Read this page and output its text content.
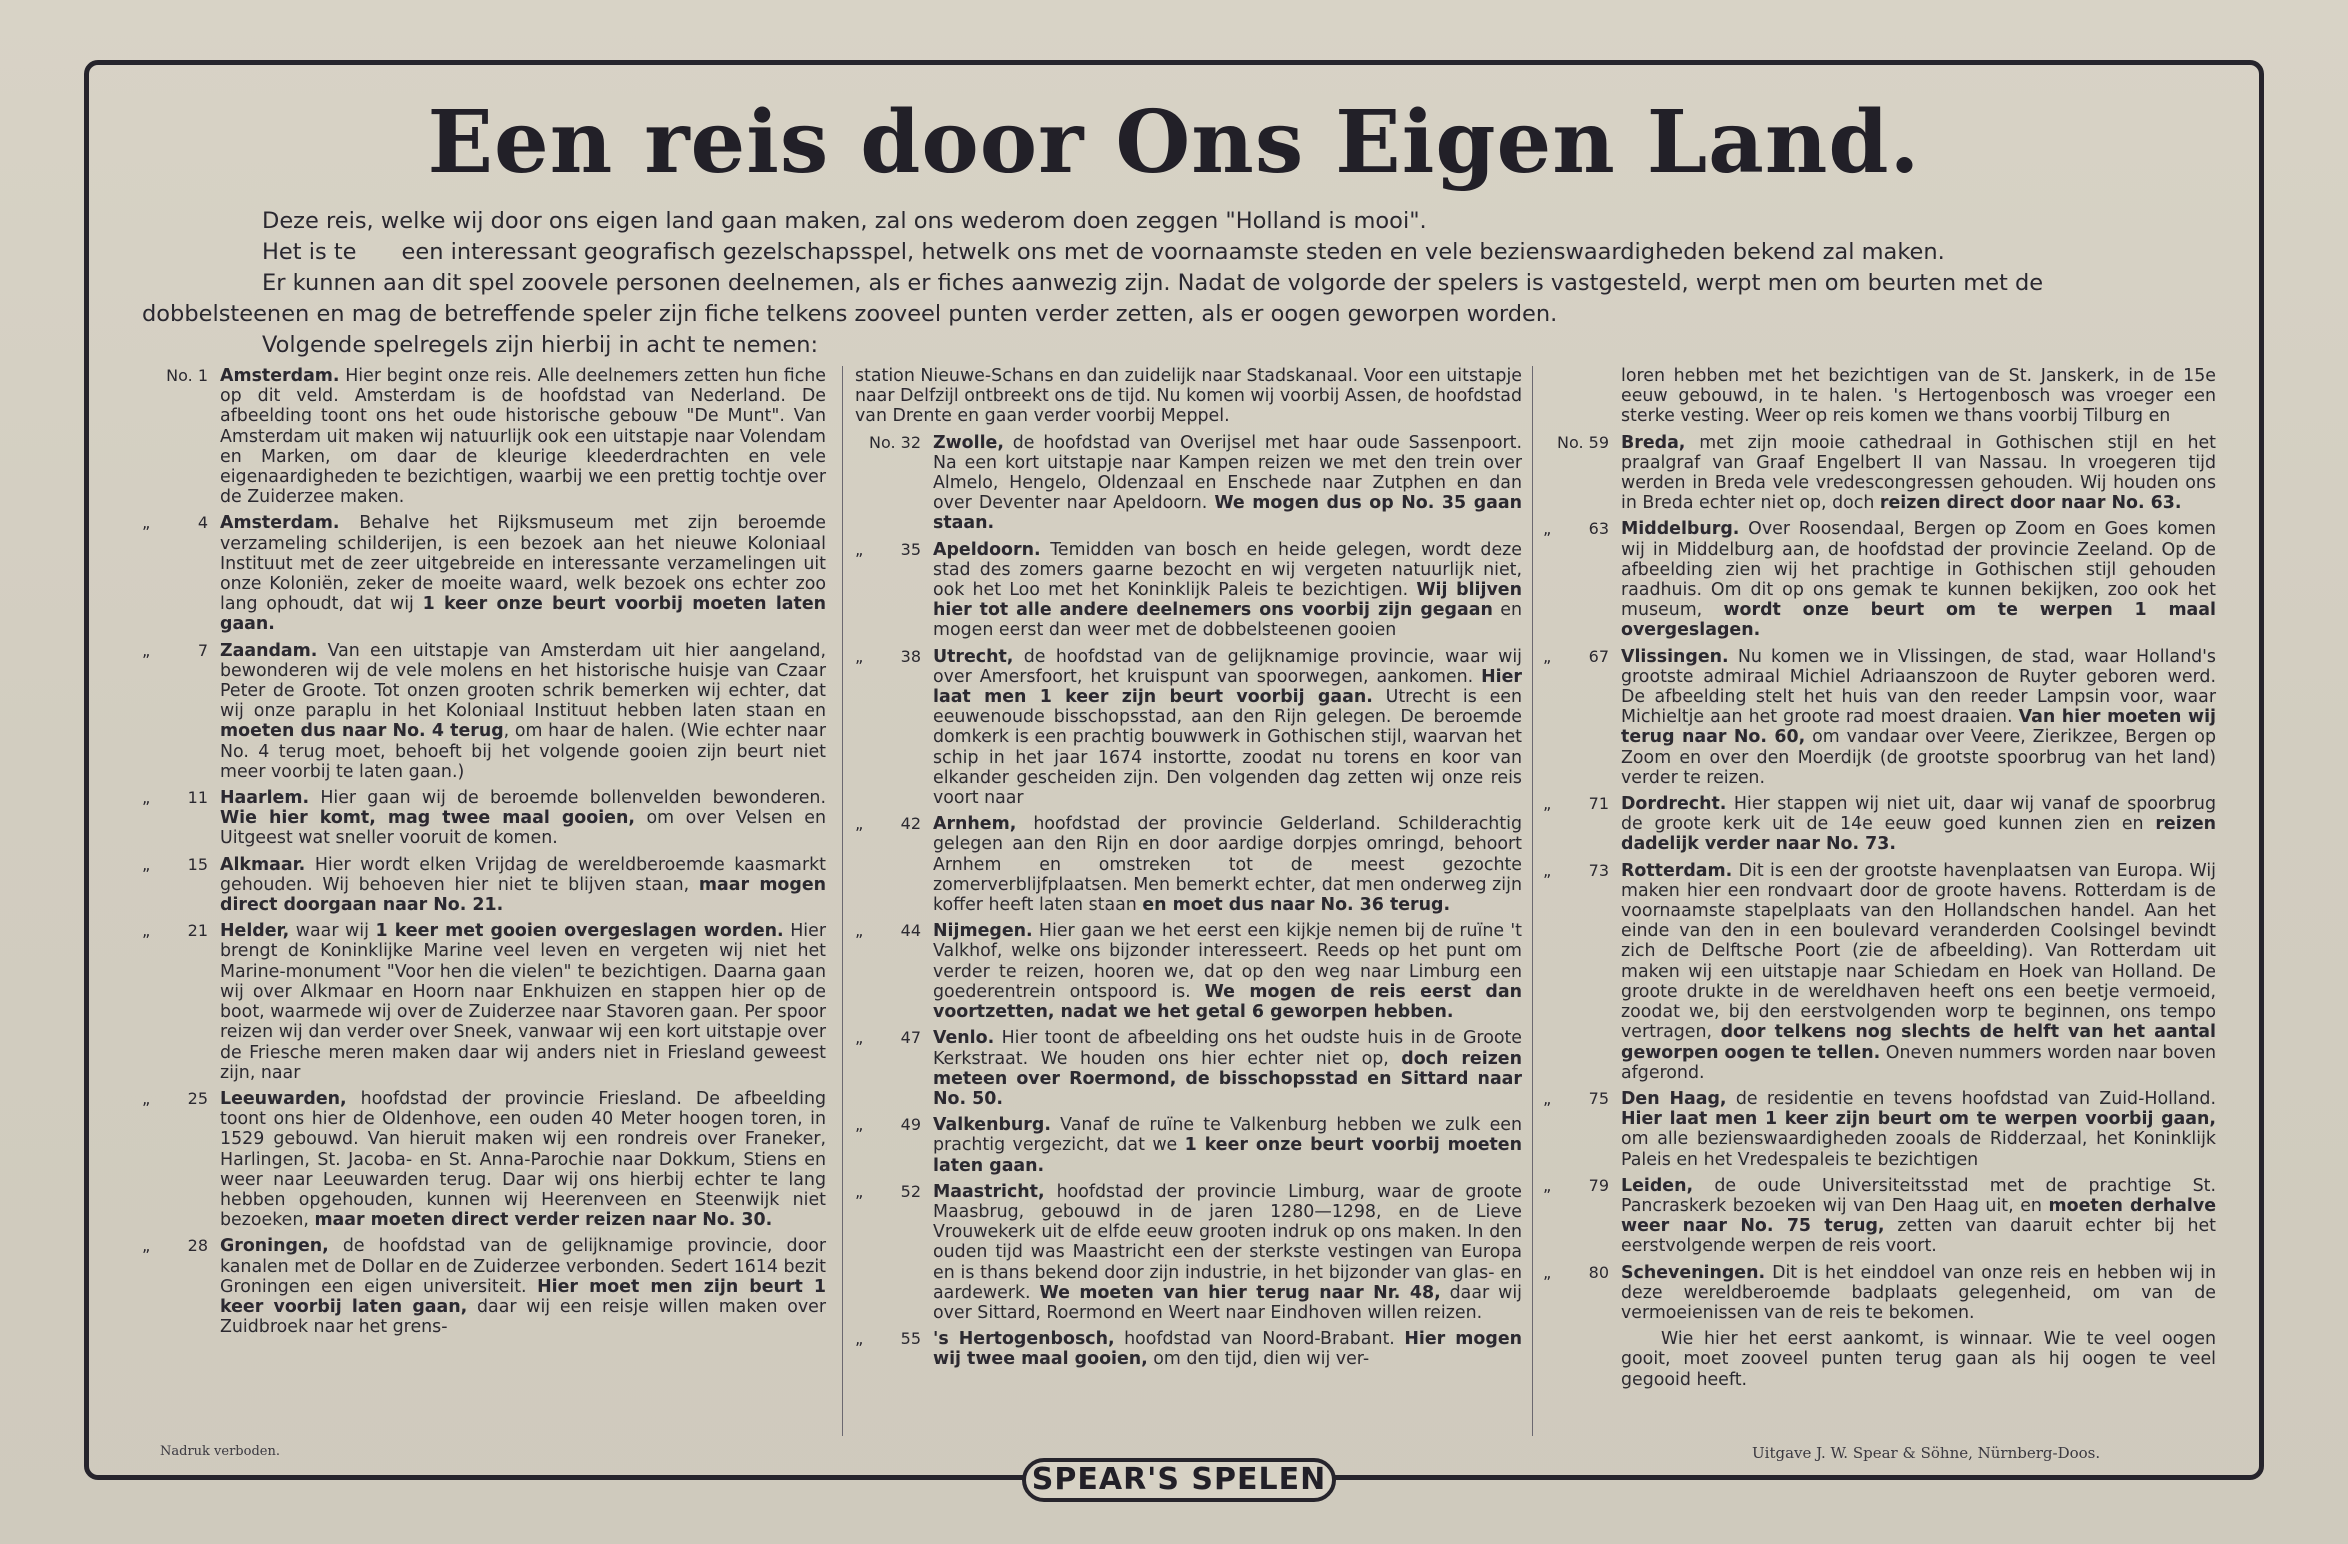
Een reis door Ons Eigen Land.

Deze reis, welke wij door ons eigen land gaan maken, zal ons wederom doen zeggen "Holland is mooi".

Het is te    een interessant geografisch gezelschapsspel, hetwelk ons met de voornaamste steden en vele bezienswaardigheden bekend zal maken.

Er kunnen aan dit spel zoovele personen deelnemen, als er fiches aanwezig zijn. Nadat de volgorde der spelers is vastgesteld, werpt men om beurten met de

dobbelsteenen en mag de betreffende speler zijn fiche telkens zooveel punten verder zetten, als er oogen geworpen worden.

Volgende spelregels zijn hierbij in acht te nemen:

No. 1 Amsterdam. Hier begint onze reis. Alle deelnemers zetten hun fiche op dit veld. Amsterdam is de hoofdstad van Nederland. De afbeelding toont ons het oude historische gebouw "De Munt". Van Amsterdam uit maken wij natuurlijk ook een uitstapje naar Volendam en Marken, om daar de kleurige kleederdrachten en vele eigenaardigheden te bezichtigen, waarbij we een prettig tochtje over de Zuiderzee maken.
„	4 Amsterdam. Behalve het Rijksmuseum met zijn beroemde verzameling schilderijen, is een bezoek aan het nieuwe Koloniaal Instituut met de zeer uitgebreide en interessante verzamelingen uit onze Koloniën, zeker de moeite waard, welk bezoek ons echter zoo lang ophoudt, dat wij 1 keer onze beurt voorbij moeten laten gaan.
„	7 Zaandam. Van een uitstapje van Amsterdam uit hier aangeland, bewonderen wij de vele molens en het historische huisje van Czaar Peter de Groote. Tot onzen grooten schrik bemerken wij echter, dat wij onze paraplu in het Koloniaal Instituut hebben laten staan en moeten dus naar No. 4 terug, om haar de halen. (Wie echter naar No. 4 terug moet, behoeft bij het volgende gooien zijn beurt niet meer voorbij te laten gaan.)
„ 11 Haarlem. Hier gaan wij de beroemde bollenvelden bewonderen. Wie hier komt, mag twee maal gooien, om over Velsen en Uitgeest wat sneller vooruit de komen.
„ 15 Alkmaar. Hier wordt elken Vrijdag de wereldberoemde kaasmarkt gehouden. Wij behoeven hier niet te blijven staan, maar mogen direct doorgaan naar No. 21.
„ 21 Helder, waar wij 1 keer met gooien overgeslagen worden. Hier brengt de Koninklijke Marine veel leven en vergeten wij niet het Marine-monument "Voor hen die vielen" te bezichtigen. Daarna gaan wij over Alkmaar en Hoorn naar Enkhuizen en stappen hier op de boot, waarmede wij over de Zuiderzee naar Stavoren gaan. Per spoor reizen wij dan verder over Sneek, vanwaar wij een kort uitstapje over de Friesche meren maken daar wij anders niet in Friesland geweest zijn, naar
„ 25 Leeuwarden, hoofdstad der provincie Friesland. De afbeelding toont ons hier de Oldenhove, een ouden 40 Meter hoogen toren, in 1529 gebouwd. Van hieruit maken wij een rondreis over Franeker, Harlingen, St. Jacoba- en St. Anna-Parochie naar Dokkum, Stiens en weer naar Leeuwarden terug. Daar wij ons hierbij echter te lang hebben opgehouden, kunnen wij Heerenveen en Steenwijk niet bezoeken, maar moeten direct verder reizen naar No. 30.
„ 28 Groningen, de hoofdstad van de gelijknamige provincie, door kanalen met de Dollar en de Zuiderzee verbonden. Sedert 1614 bezit Groningen een eigen universiteit. Hier moet men zijn beurt 1 keer voorbij laten gaan, daar wij een reisje willen maken over Zuidbroek naar het grens-
station Nieuwe-Schans en dan zuidelijk naar Stadskanaal. Voor een uitstapje naar Delfzijl ontbreekt ons de tijd. Nu komen wij voorbij Assen, de hoofdstad van Drente en gaan verder voorbij Meppel.
No. 32 Zwolle, de hoofdstad van Overijsel met haar oude Sassenpoort. Na een kort uitstapje naar Kampen reizen we met den trein over Almelo, Hengelo, Oldenzaal en Enschede naar Zutphen en dan over Deventer naar Apeldoorn. We mogen dus op No. 35 gaan staan.
„ 35 Apeldoorn. Temidden van bosch en heide gelegen, wordt deze stad des zomers gaarne bezocht en wij vergeten natuurlijk niet, ook het Loo met het Koninklijk Paleis te bezichtigen. Wij blijven hier tot alle andere deelnemers ons voorbij zijn gegaan en mogen eerst dan weer met de dobbelsteenen gooien
„ 38 Utrecht, de hoofdstad van de gelijknamige provincie, waar wij over Amersfoort, het kruispunt van spoorwegen, aankomen. Hier laat men 1 keer zijn beurt voorbij gaan. Utrecht is een eeuwenoude bisschopsstad, aan den Rijn gelegen. De beroemde domkerk is een prachtig bouwwerk in Gothischen stijl, waarvan het schip in het jaar 1674 instortte, zoodat nu torens en koor van elkander gescheiden zijn. Den volgenden dag zetten wij onze reis voort naar
„ 42 Arnhem, hoofdstad der provincie Gelderland. Schilderachtig gelegen aan den Rijn en door aardige dorpjes omringd, behoort Arnhem en omstreken tot de meest gezochte zomerverblijfplaatsen. Men bemerkt echter, dat men onderweg zijn koffer heeft laten staan en moet dus naar No. 36 terug.
„ 44 Nijmegen. Hier gaan we het eerst een kijkje nemen bij de ruïne 't Valkhof, welke ons bijzonder interesseert. Reeds op het punt om verder te reizen, hooren we, dat op den weg naar Limburg een goederentrein ontspoord is. We mogen de reis eerst dan voortzetten, nadat we het getal 6 geworpen hebben.
„ 47 Venlo. Hier toont de afbeelding ons het oudste huis in de Groote Kerkstraat. We houden ons hier echter niet op, doch reizen meteen over Roermond, de bisschopsstad en Sittard naar No. 50.
„ 49 Valkenburg. Vanaf de ruïne te Valkenburg hebben we zulk een prachtig vergezicht, dat we 1 keer onze beurt voorbij moeten laten gaan.
„ 52 Maastricht, hoofdstad der provincie Limburg, waar de groote Maasbrug, gebouwd in de jaren 1280—1298, en de Lieve Vrouwekerk uit de elfde eeuw grooten indruk op ons maken. In den ouden tijd was Maastricht een der sterkste vestingen van Europa en is thans bekend door zijn industrie, in het bijzonder van glas- en aardewerk. We moeten van hier terug naar Nr. 48, daar wij over Sittard, Roermond en Weert naar Eindhoven willen reizen.
„ 55 's Hertogenbosch, hoofdstad van Noord-Brabant. Hier mogen wij twee maal gooien, om den tijd, dien wij ver-
loren hebben met het bezichtigen van de St. Janskerk, in de 15e eeuw gebouwd, in te halen. 's Hertogenbosch was vroeger een sterke vesting. Weer op reis komen we thans voorbij Tilburg en
No. 59 Breda, met zijn mooie cathedraal in Gothischen stijl en het praalgraf van Graaf Engelbert II van Nassau. In vroegeren tijd werden in Breda vele vredescongressen gehouden. Wij houden ons in Breda echter niet op, doch reizen direct door naar No. 63.
„ 63 Middelburg. Over Roosendaal, Bergen op Zoom en Goes komen wij in Middelburg aan, de hoofdstad der provincie Zeeland. Op de afbeelding zien wij het prachtige in Gothischen stijl gehouden raadhuis. Om dit op ons gemak te kunnen bekijken, zoo ook het museum, wordt onze beurt om te werpen 1 maal overgeslagen.
„ 67 Vlissingen. Nu komen we in Vlissingen, de stad, waar Holland's grootste admiraal Michiel Adriaanszoon de Ruyter geboren werd. De afbeelding stelt het huis van den reeder Lampsin voor, waar Michieltje aan het groote rad moest draaien. Van hier moeten wij terug naar No. 60, om vandaar over Veere, Zierikzee, Bergen op Zoom en over den Moerdijk (de grootste spoorbrug van het land) verder te reizen.
„ 71 Dordrecht. Hier stappen wij niet uit, daar wij vanaf de spoorbrug de groote kerk uit de 14e eeuw goed kunnen zien en reizen dadelijk verder naar No. 73.
„ 73 Rotterdam. Dit is een der grootste havenplaatsen van Europa. Wij maken hier een rondvaart door de groote havens. Rotterdam is de voornaamste stapelplaats van den Hollandschen handel. Aan het einde van den in een boulevard veranderden Coolsingel bevindt zich de Delftsche Poort (zie de afbeelding). Van Rotterdam uit maken wij een uitstapje naar Schiedam en Hoek van Holland. De groote drukte in de wereldhaven heeft ons een beetje vermoeid, zoodat we, bij den eerstvolgenden worp te beginnen, ons tempo vertragen, door telkens nog slechts de helft van het aantal geworpen oogen te tellen. Oneven nummers worden naar boven afgerond.
„ 75 Den Haag, de residentie en tevens hoofdstad van Zuid-Holland. Hier laat men 1 keer zijn beurt om te werpen voorbij gaan, om alle bezienswaardigheden zooals de Ridderzaal, het Koninklijk Paleis en het Vredespaleis te bezichtigen
„ 79 Leiden, de oude Universiteitsstad met de prachtige St. Pancraskerk bezoeken wij van Den Haag uit, en moeten derhalve weer naar No. 75 terug, zetten van daaruit echter bij het eerstvolgende werpen de reis voort.
„ 80 Scheveningen. Dit is het einddoel van onze reis en hebben wij in deze wereldberoemde badplaats gelegenheid, om van de vermoeienissen van de reis te bekomen.
Wie hier het eerst aankomt, is winnaar. Wie te veel oogen gooit, moet zooveel punten terug gaan als hij oogen te veel gegooid heeft.
Nadruk verboden.	Uitgave J. W. Spear & Söhne, Nürnberg-Doos.
SPEAR'S SPELEN
